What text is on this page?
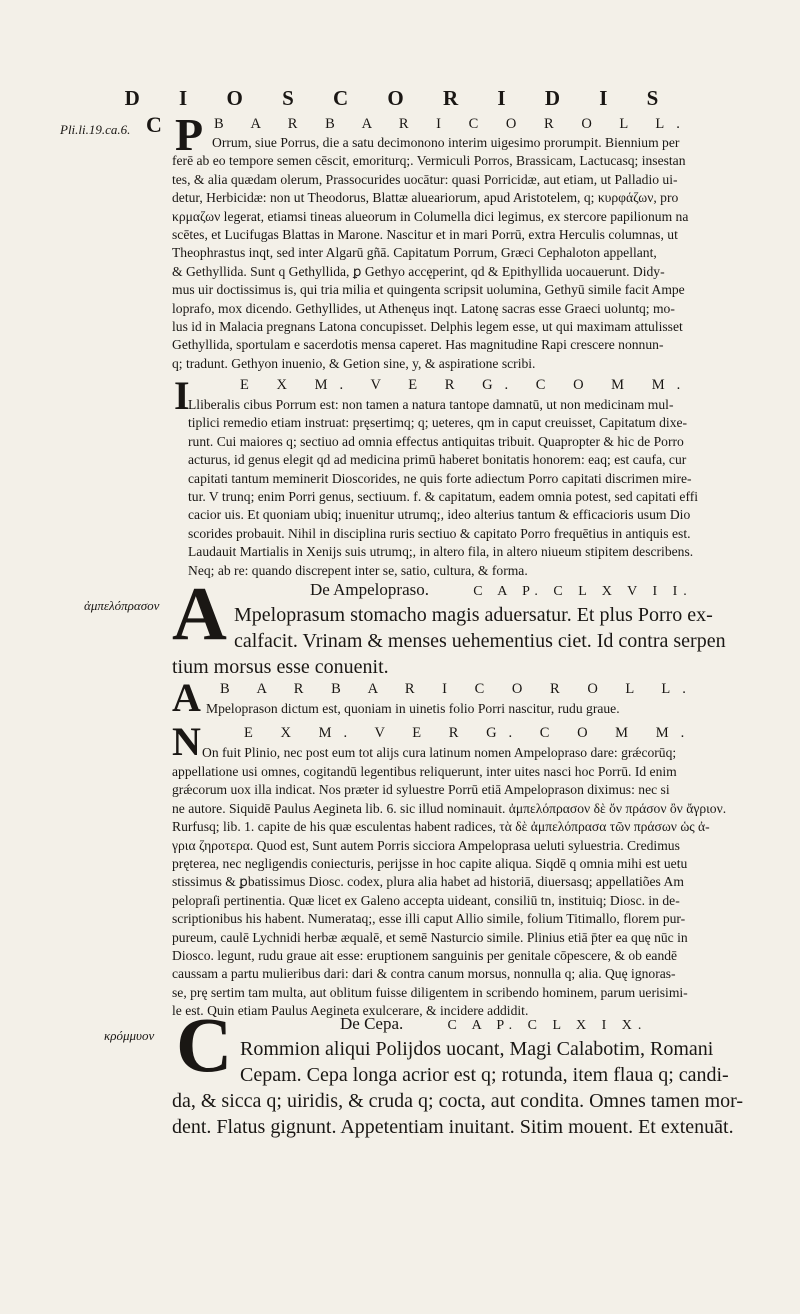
D I O S C O R I D I S
C
Pli.li.19.ca.6.
ἀμπελόπρασον
κρόμμυον
P B A R B A R I C O R O L L.
Orrum, siue Porrus, die a satu decimonono interim uigesimo prorumpit. Biennium per
ferē ab eo tempore semen cēscit, emoriturq;. Vermiculi Porros, Brassicam, Lactucasq; insestan
tes, & alia quædam olerum, Prassocurides uocātur: quasi Porricidæ, aut etiam, ut Palladio ui-
detur, Herbicidæ: non ut Theodorus, Blattæ alueariorum, apud Aristotelem, q; κυρφάζων, pro
κρμαζων legerat, etiamsi tineas alueorum in Columella dici legimus, ex stercore papilionum na
scētes, et Lucifugas Blattas in Marone. Nascitur et in mari Porrū, extra Herculis columnas, ut
Theophrastus inqt, sed inter Algarū gñā. Capitatum Porrum, Græci Cephaloton appellant,
& Gethyllida. Sunt q Gethyllida, ꝑ Gethyo accęperint, qd & Epithyllida uocauerunt. Didy-
mus uir doctissimus is, qui tria milia et quingenta scripsit uolumina, Gethyū simile facit Ampe
loprafo, mox dicendo. Gethyllides, ut Athenęus inqt. Latonę sacras esse Graeci uoluntq; mo-
lus id in Malacia pregnans Latona concupisset. Delphis legem esse, ut qui maximam attulisset
Gethyllida, sportulam e sacerdotis mensa caperet. Has magnitudine Rapi crescere nonnun-
q; tradunt. Gethyon inuenio, & Getion sine, y, & aspiratione scribi.
I	E X M. V E R G. C O M M.
Lliberalis cibus Porrum est: non tamen a natura tantope damnatū, ut non medicinam mul-
tiplici remedio etiam instruat: pręsertimq; q; ueteres, qm in caput creuisset, Capitatum dixe-
runt. Cui maiores q; sectiuo ad omnia effectus antiquitas tribuit. Quapropter & hic de Porro
acturus, id genus elegit qd ad medicina primū haberet bonitatis honorem: eaq; est caufa, cur
capitati tantum meminerit Dioscorides, ne quis forte adiectum Porro capitati discrimen mire-
tur. V trunq; enim Porri genus, sectiuum. f. & capitatum, eadem omnia potest, sed capitati effi
cacior uis. Et quoniam ubiq; inuenitur utrumq;, ideo alterius tantum & efficacioris usum Dio
scorides probauit. Nihil in disciplina ruris sectiuo & capitato Porro frequētius in antiquis est.
Laudauit Martialis in Xenijs suis utrumq;, in altero fila, in altero niueum stipitem describens.
Neq; ab re: quando discrepent inter se, satio, cultura, & forma.
A	De Ampelopraso.	C A P. C L X V I I.
Mpeloprasum stomacho magis aduersatur. Et plus Porro ex-
calfacit. Vrinam & menses uehementius ciet. Id contra serpen
tium morsus esse conuenit.
B A R B A R I C O R O L L.
A Mpeloprason dictum est, quoniam in uinetis folio Porri nascitur, rudu graue.
N	E X M. V E R G. C O M M.
On fuit Plinio, nec post eum tot alijs cura latinum nomen Ampelopraso dare: grǽcorūq;
appellatione usi omnes, cogitandū legentibus reliquerunt, inter uites nasci hoc Porrū. Id enim
grǽcorum uox illa indicat. Nos præter id syluestre Porrū etiā Ampeloprason diximus: nec si
ne autore. Siquidē Paulus Aegineta lib. 6. sic illud nominauit. ἀμπελόπρασον δὲ ὄν πράσον ὂν ἄγριον.
Rurfusq; lib. 1. capite de his quæ esculentas habent radices, τὰ δὲ ἀμπελόπρασα τῶν πράσων ὡς ἀ-
γρια ζηροτερα. Quod est, Sunt autem Porris sicciora Ampeloprasa ueluti syluestria. Credimus
pręterea, nec negligendis coniecturis, perijsse in hoc capite aliqua. Siqdē q omnia mihi est uetu
stissimus & ꝑbatissimus Diosc. codex, plura alia habet ad historiā, diuersasq; appellatiões Am
pelopraſi pertinentia. Quæ licet ex Galeno accepta uideant, consiliū tn, instituiq; Diosc. in de-
scriptionibus his habent. Numerataq;, esse illi caput Allio simile, folium Titimallo, florem pur-
pureum, caulē Lychnidi herbæ æqualē, et semē Nasturcio simile. Plinius etiā p̄ter ea quę nūc in
Diosco. legunt, rudu graue ait esse: eruptionem sanguinis per genitale cōpescere, & ob eandē
caussam a partu mulieribus dari: dari & contra canum morsus, nonnulla q; alia. Quę ignoras-
se, prę sertim tam multa, aut oblitum fuisse diligentem in scribendo hominem, parum uerisimi-
le est. Quin etiam Paulus Aegineta exulcerare, & incidere addidit.
C	De Cepa.	C A P. C L X I X.
Rommion aliqui Polijdos uocant, Magi Calabotim, Romani
Cepam. Cepa longa acrior est q; rotunda, item flaua q; candi-
da, & sicca q; uiridis, & cruda q; cocta, aut condita. Omnes tamen mor-
dent. Flatus gignunt. Appetentiam inuitant. Sitim mouent. Et extenuāt.
